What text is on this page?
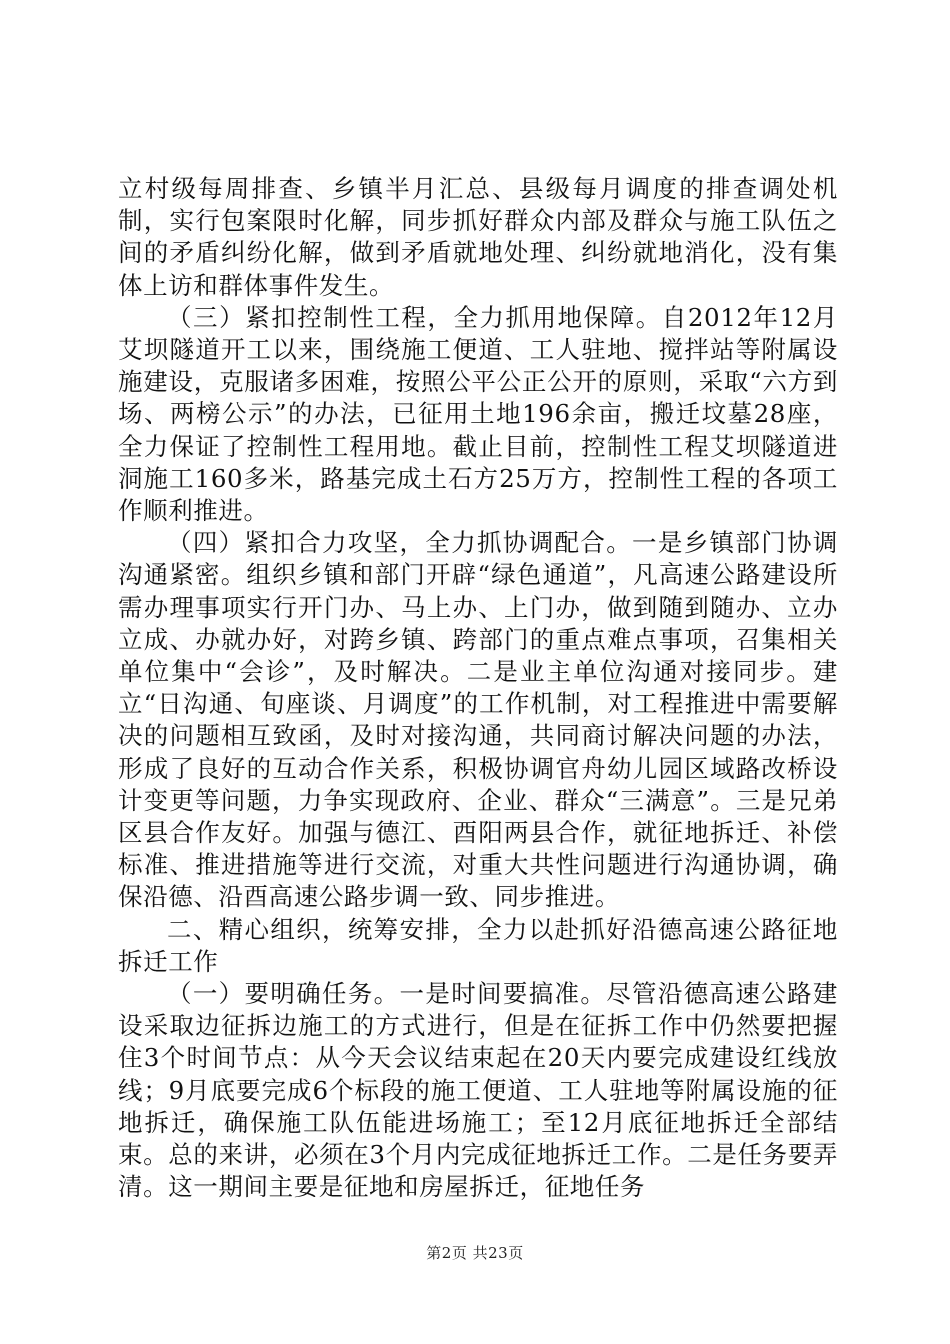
立村级每周排查、乡镇半月汇总、县级每月调度的排查调处机制，实行包案限时化解，同步抓好群众内部及群众与施工队伍之间的矛盾纠纷化解，做到矛盾就地处理、纠纷就地消化，没有集体上访和群体事件发生。

（三）紧扣控制性工程，全力抓用地保障。自2012年12月艾坝隧道开工以来，围绕施工便道、工人驻地、搅拌站等附属设施建设，克服诸多困难，按照公平公正公开的原则，采取“六方到场、两榜公示”的办法，已征用土地196余亩，搬迁坟墓28座，全力保证了控制性工程用地。截止目前，控制性工程艾坝隧道进洞施工160多米，路基完成土石方25万方，控制性工程的各项工作顺利推进。

（四）紧扣合力攻坚，全力抓协调配合。一是乡镇部门协调沟通紧密。组织乡镇和部门开辟“绿色通道”，凡高速公路建设所需办理事项实行开门办、马上办、上门办，做到随到随办、立办立成、办就办好，对跨乡镇、跨部门的重点难点事项，召集相关单位集中“会诊”，及时解决。二是业主单位沟通对接同步。建立“日沟通、旬座谈、月调度”的工作机制，对工程推进中需要解决的问题相互致函，及时对接沟通，共同商讨解决问题的办法，形成了良好的互动合作关系，积极协调官舟幼儿园区域路改桥设计变更等问题，力争实现政府、企业、群众“三满意”。三是兄弟区县合作友好。加强与德江、酉阳两县合作，就征地拆迁、补偿标准、推进措施等进行交流，对重大共性问题进行沟通协调，确保沿德、沿酉高速公路步调一致、同步推进。

二、精心组织，统筹安排，全力以赴抓好沿德高速公路征地拆迁工作

（一）要明确任务。一是时间要搞准。尽管沿德高速公路建设采取边征拆边施工的方式进行，但是在征拆工作中仍然要把握住3个时间节点：从今天会议结束起在20天内要完成建设红线放线；9月底要完成6个标段的施工便道、工人驻地等附属设施的征地拆迁，确保施工队伍能进场施工；至12月底征地拆迁全部结束。总的来讲，必须在3个月内完成征地拆迁工作。二是任务要弄清。这一期间主要是征地和房屋拆迁，征地任务

第2页 共23页
